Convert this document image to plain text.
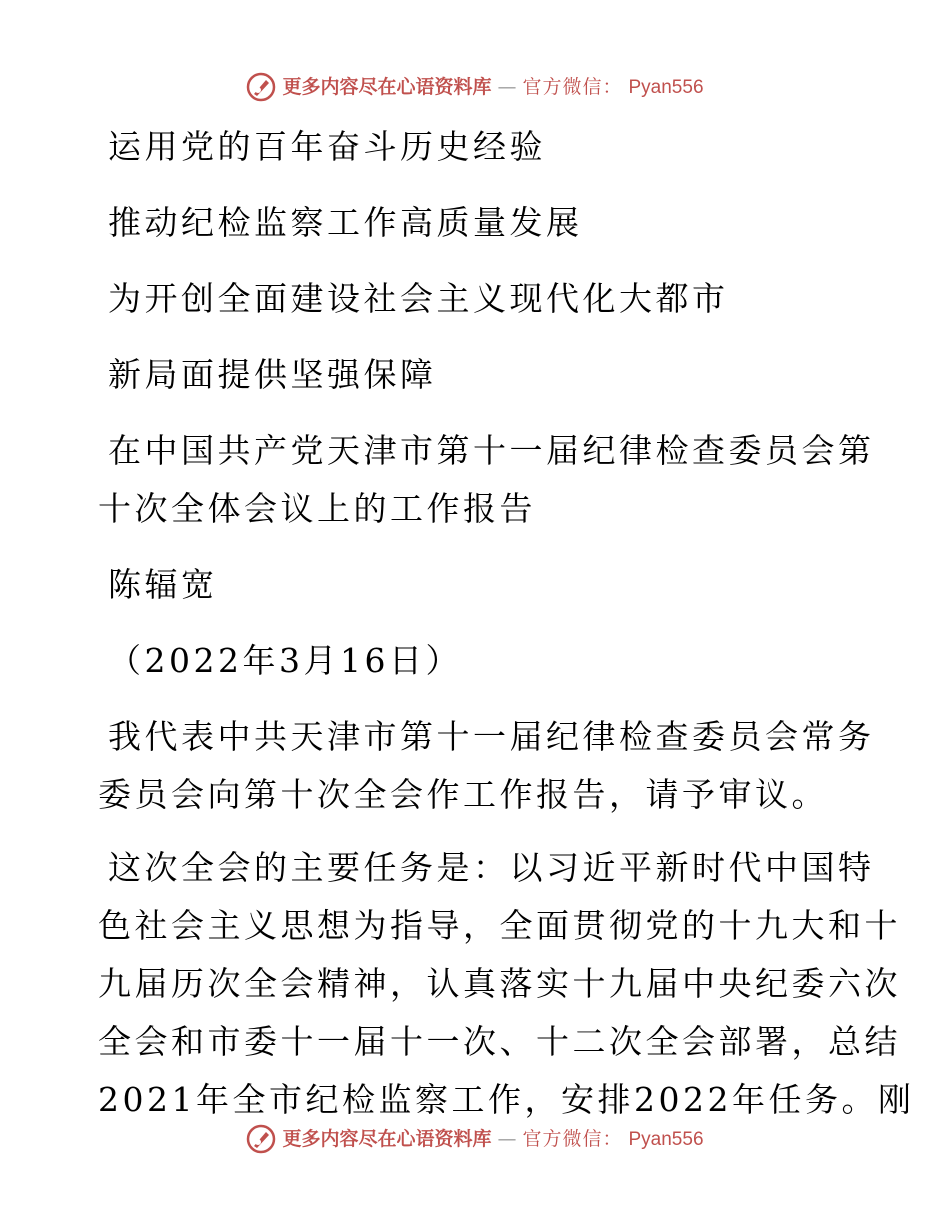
更多内容尽在心语资料库 — 官方微信： Pyan556
运用党的百年奋斗历史经验
推动纪检监察工作高质量发展
为开创全面建设社会主义现代化大都市
新局面提供坚强保障
在中国共产党天津市第十一届纪律检查委员会第
十次全体会议上的工作报告
陈辐宽
（2022年3月16日）
我代表中共天津市第十一届纪律检查委员会常务
委员会向第十次全会作工作报告，请予审议。
这次全会的主要任务是：以习近平新时代中国特
色社会主义思想为指导，全面贯彻党的十九大和十
九届历次全会精神，认真落实十九届中央纪委六次
全会和市委十一届十一次、十二次全会部署，总结
2021年全市纪检监察工作，安排2022年任务。刚
更多内容尽在心语资料库 — 官方微信： Pyan556
